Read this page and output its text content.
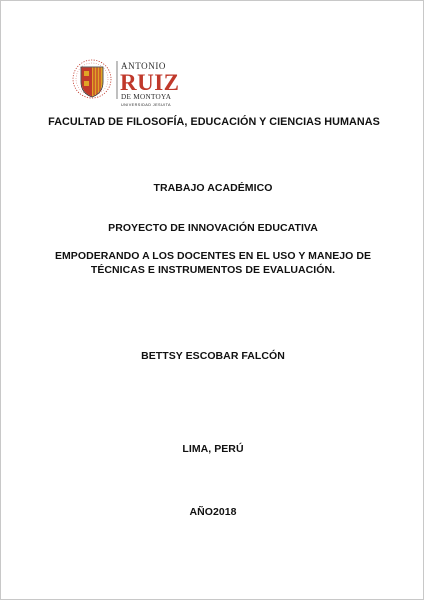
ANTONIO
RUIZ
DE MONTOYA
UNIVERSIDAD JESUITA
FACULTAD DE FILOSOFÍA, EDUCACIÓN Y CIENCIAS HUMANAS
TRABAJO ACADÉMICO
PROYECTO DE INNOVACIÓN EDUCATIVA
EMPODERANDO A LOS DOCENTES EN EL USO Y MANEJO DE
TÉCNICAS E INSTRUMENTOS DE EVALUACIÓN.
BETTSY ESCOBAR FALCÓN
LIMA, PERÚ
AÑO2018
